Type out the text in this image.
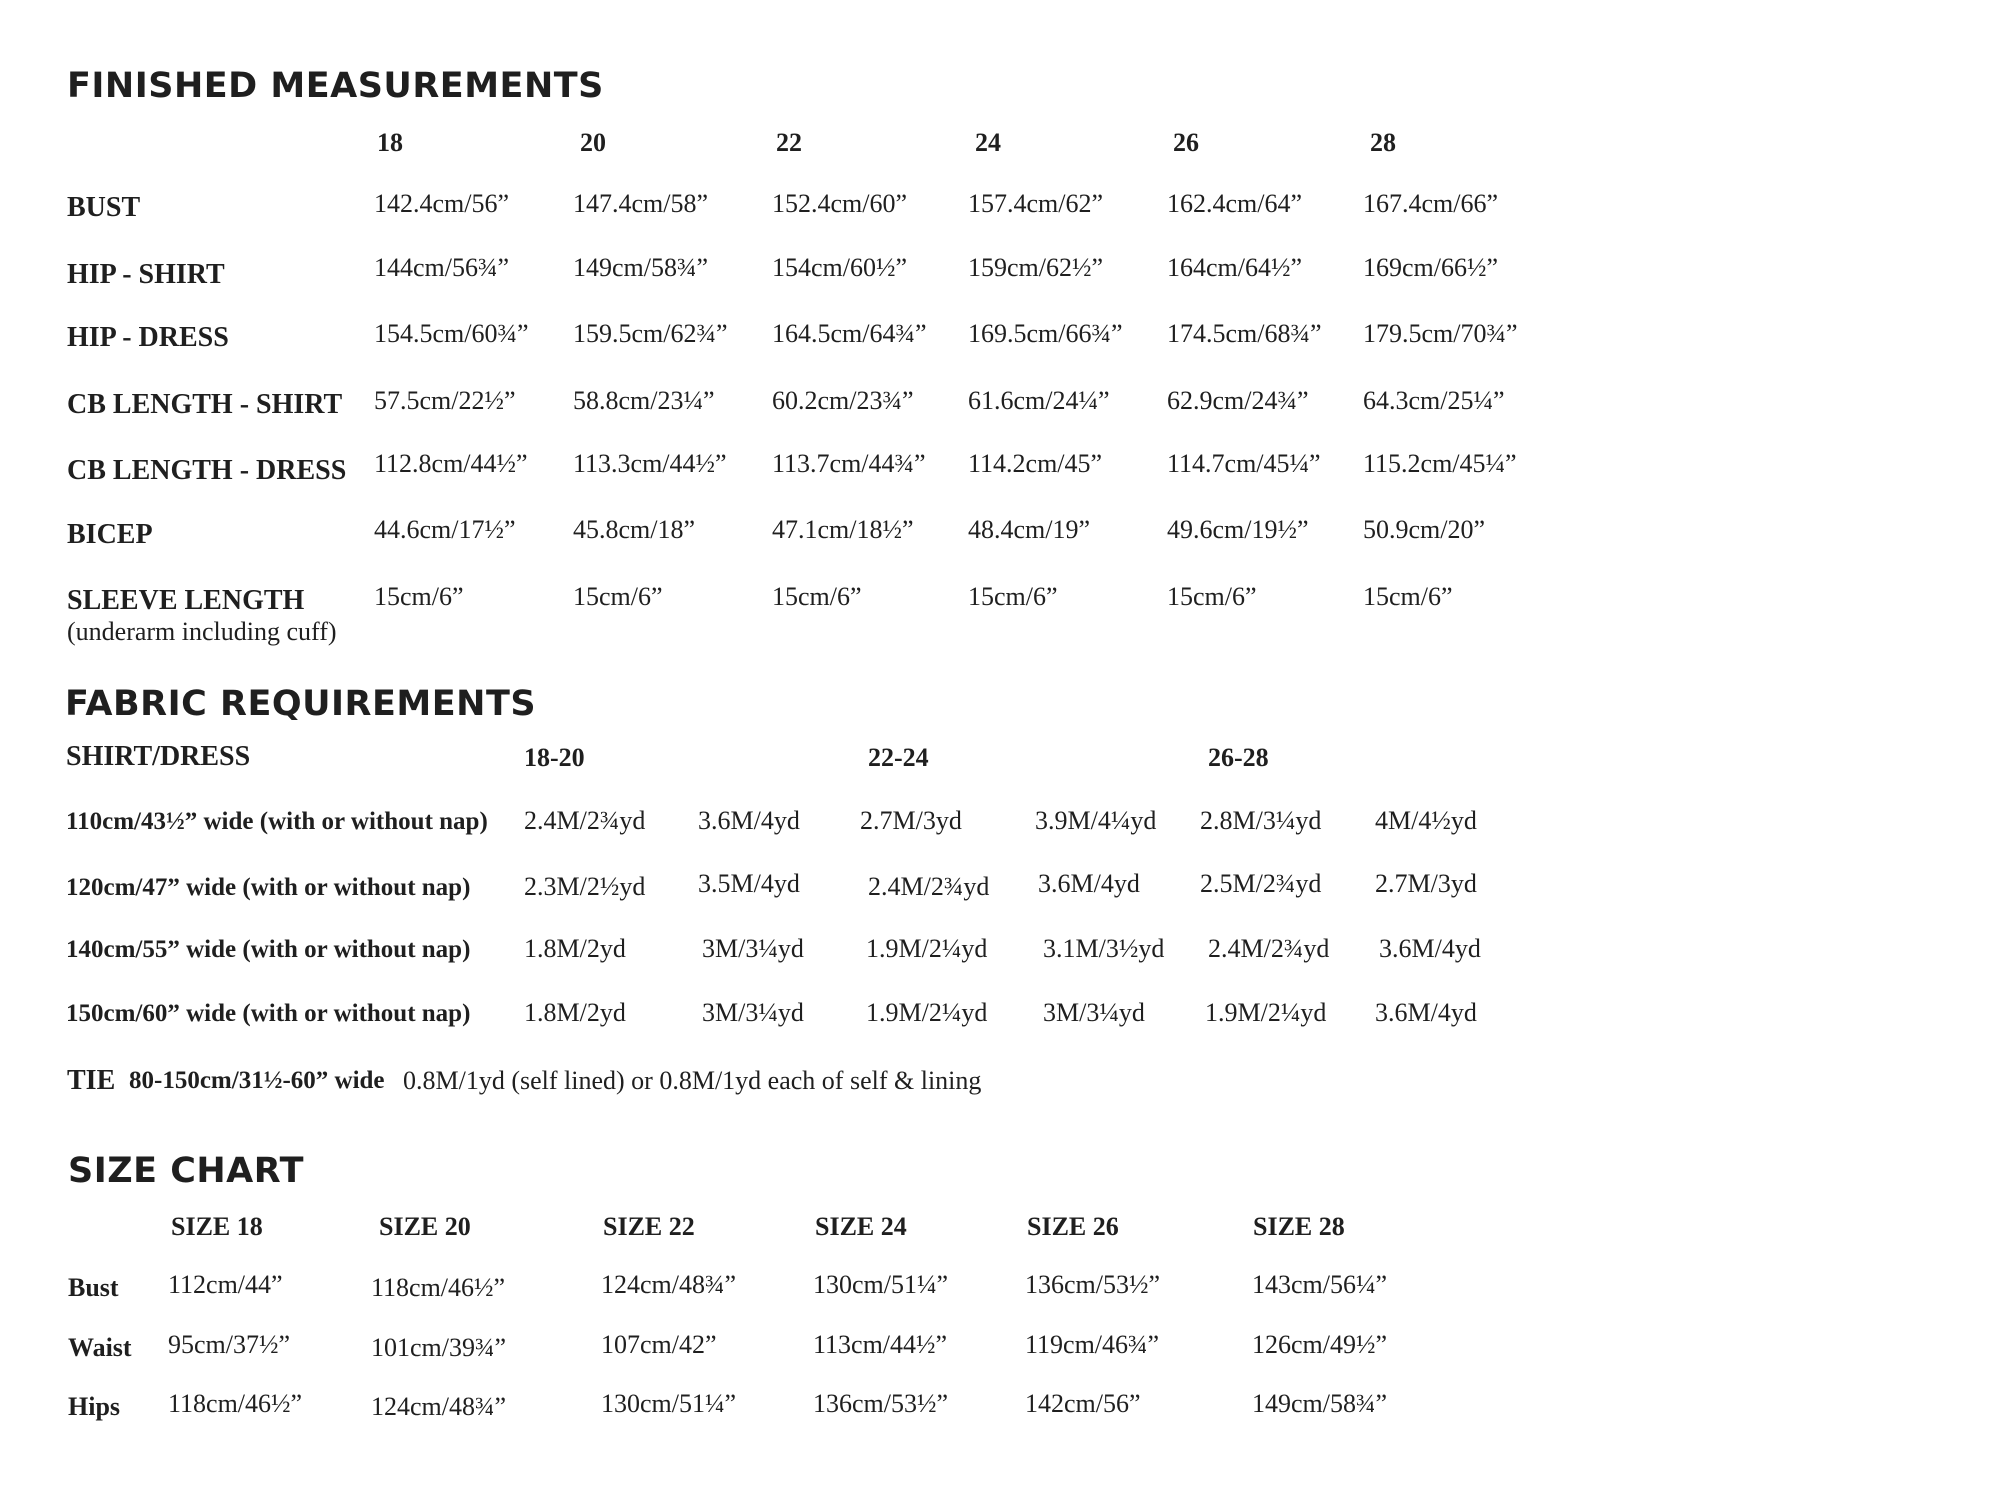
FINISHED MEASUREMENTS
18	20	22	24	26	28
BUST	142.4cm/56” 147.4cm/58” 152.4cm/60” 157.4cm/62” 162.4cm/64” 167.4cm/66”
HIP - SHIRT	144cm/56¾” 149cm/58¾” 154cm/60½” 159cm/62½” 164cm/64½” 169cm/66½”
HIP - DRESS	154.5cm/60¾” 159.5cm/62¾” 164.5cm/64¾” 169.5cm/66¾” 174.5cm/68¾” 179.5cm/70¾”
CB LENGTH - SHIRT 57.5cm/22½” 58.8cm/23¼” 60.2cm/23¾” 61.6cm/24¼” 62.9cm/24¾” 64.3cm/25¼”
CB LENGTH - DRESS 112.8cm/44½” 113.3cm/44½” 113.7cm/44¾” 114.2cm/45” 114.7cm/45¼” 115.2cm/45¼”
BICEP	44.6cm/17½” 45.8cm/18”	47.1cm/18½” 48.4cm/19”	49.6cm/19½” 50.9cm/20”
SLEEVE LENGTH
(underarm including cuff)
15cm/6”	15cm/6”	15cm/6”	15cm/6”	15cm/6”	15cm/6”
FABRIC REQUIREMENTS
SHIRT/DRESS	18-20	22-24	26-28
110cm/43½” wide (with or without nap) 2.4M/2¾yd 3.6M/4yd 2.7M/3yd	3.9M/4¼yd 2.8M/3¼yd 4M/4½yd
120cm/47” wide (with or without nap) 2.3M/2½yd 3.5M/4yd	2.4M/2¾yd 3.6M/4yd 2.5M/2¾yd 2.7M/3yd
140cm/55” wide (with or without nap) 1.8M/2yd	3M/3¼yd 1.9M/2¼yd 3.1M/3½yd 2.4M/2¾yd 3.6M/4yd
150cm/60” wide (with or without nap) 1.8M/2yd	3M/3¼yd 1.9M/2¼yd 3M/3¼yd 1.9M/2¼yd 3.6M/4yd
TIE 80-150cm/31½-60” wide 0.8M/1yd (self lined) or 0.8M/1yd each of self & lining
SIZE CHART
SIZE 18	SIZE 20	SIZE 22	SIZE 24	SIZE 26	SIZE 28
Bust 112cm/44”	118cm/46½”	124cm/48¾”	130cm/51¼”	136cm/53½”	143cm/56¼”
Waist 95cm/37½”	101cm/39¾”	107cm/42”	113cm/44½”	119cm/46¾”	126cm/49½”
Hips 118cm/46½”	124cm/48¾”	130cm/51¼”	136cm/53½”	142cm/56”	149cm/58¾”
